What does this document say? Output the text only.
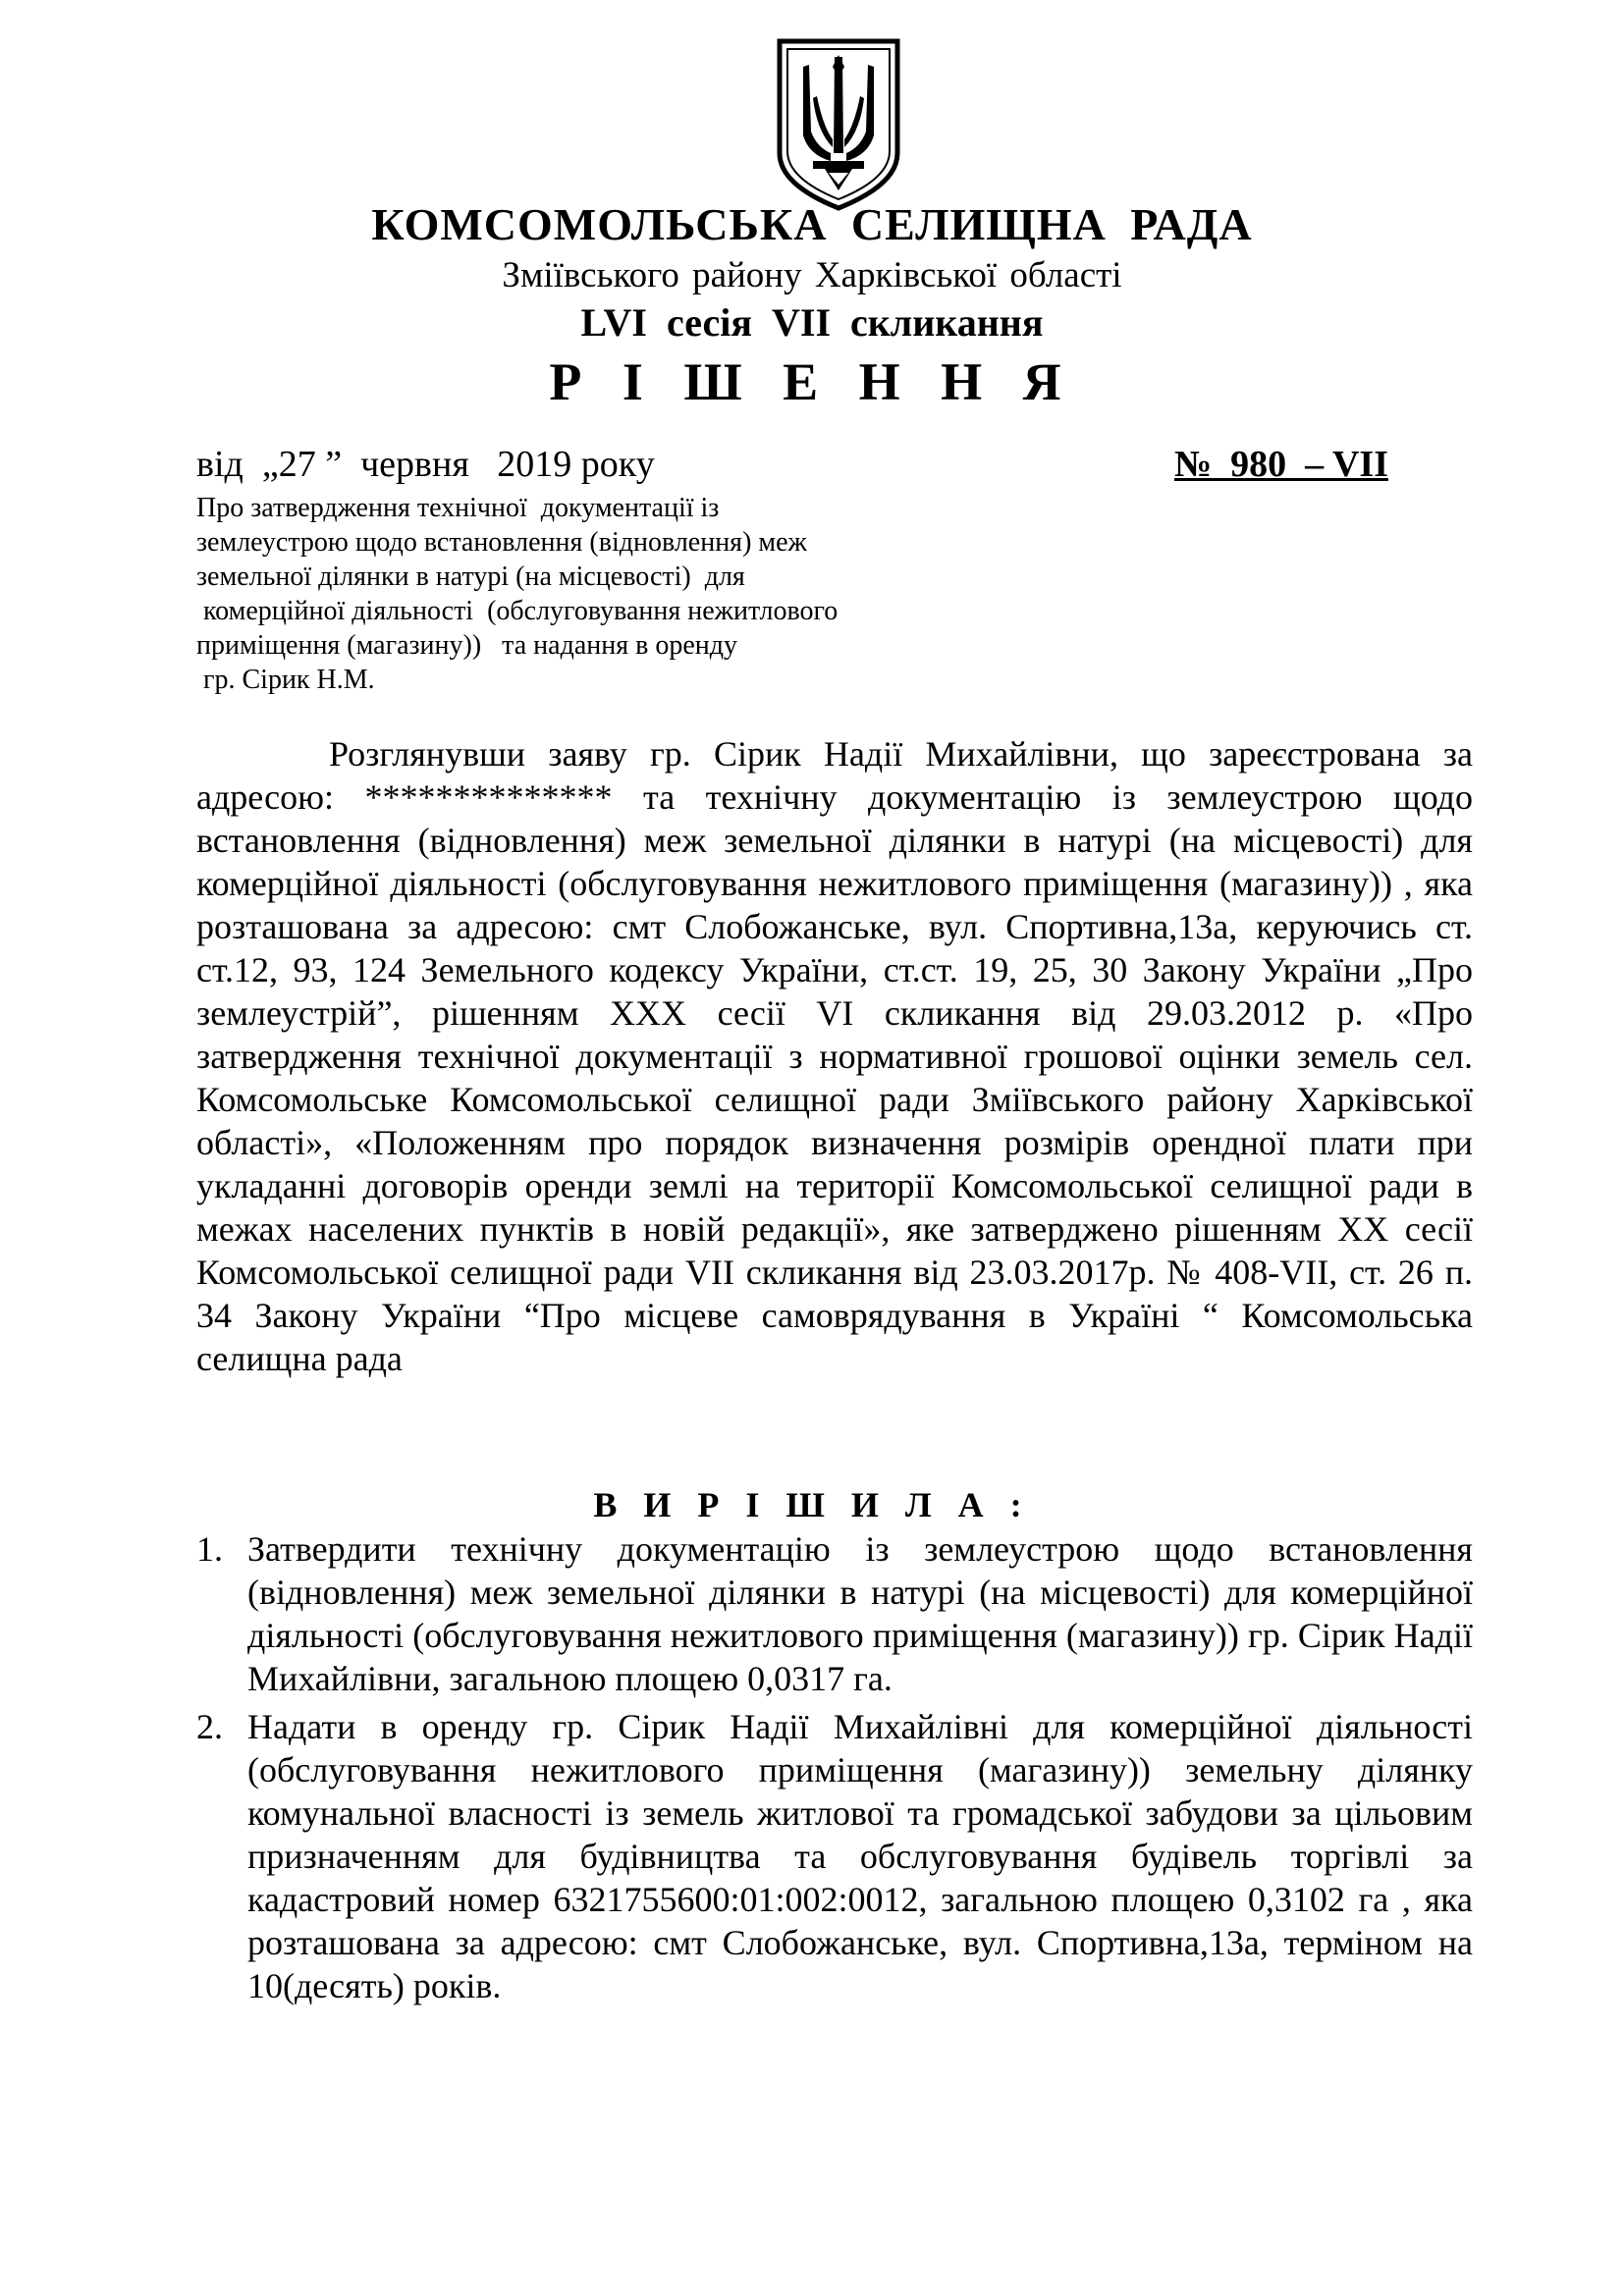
КОМСОМОЛЬСЬКА СЕЛИЩНА РАДА
Зміївського району Харківської області
LVI сесія VII скликання
Р І Ш Е Н Н Я
від  „27 ”  червня   2019 року	№  980  – VII
Про затвердження технічної  документації із
землеустрою щодо встановлення (відновлення) меж
земельної ділянки в натурі (на місцевості)  для
комерційної діяльності  (обслуговування нежитлового
приміщення (магазину))   та надання в оренду
гр. Сірик Н.М.

Розглянувши заяву гр. Сірик Надії Михайлівни, що зареєстрована за адресою: ************** та технічну документацію із землеустрою щодо встановлення (відновлення) меж земельної ділянки в натурі (на місцевості) для комерційної діяльності (обслуговування нежитлового приміщення (магазину)) , яка розташована за адресою: смт Слобожанське, вул. Спортивна,13а, керуючись ст. ст.12, 93, 124 Земельного кодексу України, ст.ст. 19, 25, 30 Закону України „Про землеустрій”, рішенням XXX сесії VI скликання від 29.03.2012 р. «Про затвердження технічної документації з нормативної грошової оцінки земель сел. Комсомольське Комсомольської селищної ради Зміївського району Харківської області», «Положенням про порядок визначення розмірів орендної плати при укладанні договорів оренди землі на території Комсомольської селищної ради в межах населених пунктів в новій редакції», яке затверджено рішенням XX сесії Комсомольської селищної ради VII скликання від 23.03.2017р. № 408-VII, ст. 26 п. 34 Закону України “Про місцеве самоврядування в Україні “ Комсомольська селищна рада

В И Р І Ш И Л А :
1. Затвердити технічну документацію із землеустрою щодо встановлення (відновлення) меж земельної ділянки в натурі (на місцевості) для комерційної діяльності (обслуговування нежитлового приміщення (магазину)) гр. Сірик Надії Михайлівни, загальною площею 0,0317 га.
2. Надати в оренду гр. Сірик Надії Михайлівні для комерційної діяльності (обслуговування нежитлового приміщення (магазину)) земельну ділянку комунальної власності із земель житлової та громадської забудови за цільовим призначенням для будівництва та обслуговування будівель торгівлі за кадастровий номер 6321755600:01:002:0012, загальною площею 0,3102 га , яка розташована за адресою: смт Слобожанське, вул. Спортивна,13а, терміном на 10(десять) років.
